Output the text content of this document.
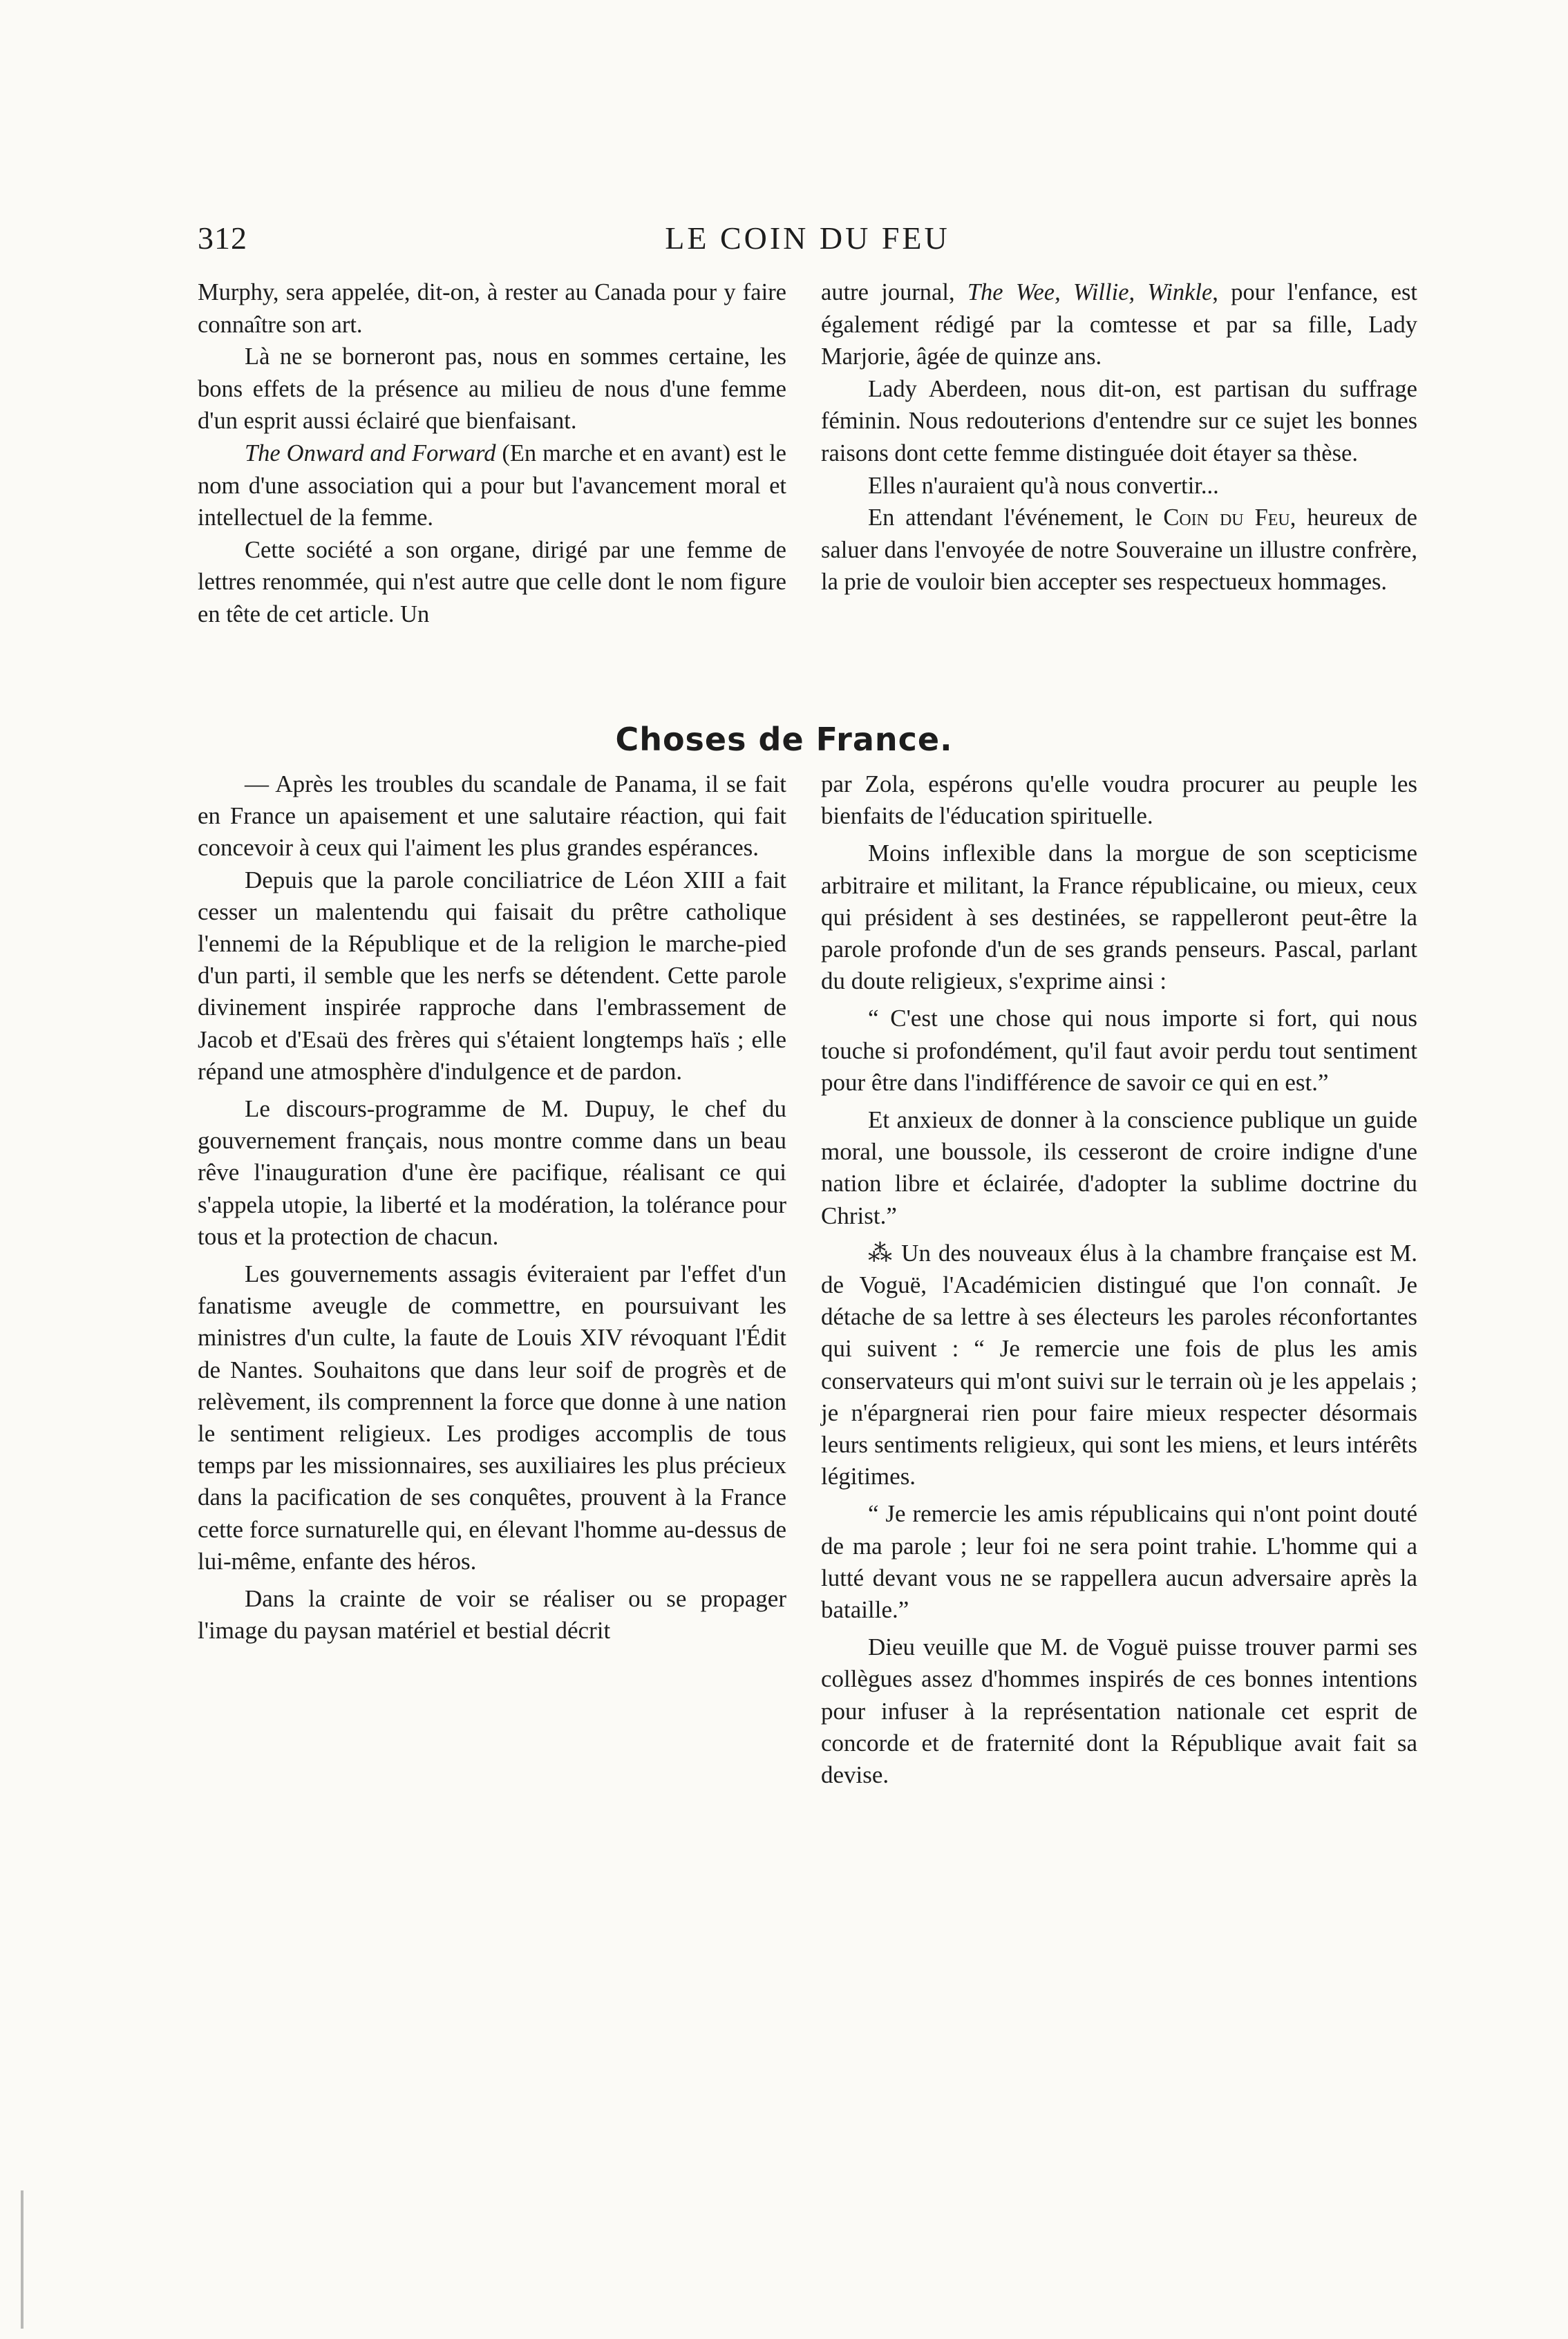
312	LE COIN DU FEU

Murphy, sera appelée, dit-on, à rester au Canada pour y faire connaître son art.

Là ne se borneront pas, nous en sommes certaine, les bons effets de la présence au milieu de nous d'une femme d'un esprit aussi éclairé que bienfaisant.

The Onward and Forward (En marche et en avant) est le nom d'une association qui a pour but l'avancement moral et intellectuel de la femme.

Cette société a son organe, dirigé par une femme de lettres renommée, qui n'est autre que celle dont le nom figure en tête de cet article. Un

autre journal, The Wee, Willie, Winkle, pour l'enfance, est également rédigé par la comtesse et par sa fille, Lady Marjorie, âgée de quinze ans.

Lady Aberdeen, nous dit-on, est partisan du suffrage féminin. Nous redouterions d'entendre sur ce sujet les bonnes raisons dont cette femme distinguée doit étayer sa thèse.

Elles n'auraient qu'à nous convertir...

En attendant l'événement, le Coin du Feu, heureux de saluer dans l'envoyée de notre Souveraine un illustre confrère, la prie de vouloir bien accepter ses respectueux hommages.

Choses de France.

— Après les troubles du scandale de Panama, il se fait en France un apaisement et une salutaire réaction, qui fait concevoir à ceux qui l'aiment les plus grandes espérances.

Depuis que la parole conciliatrice de Léon XIII a fait cesser un malentendu qui faisait du prêtre catholique l'ennemi de la République et de la religion le marche-pied d'un parti, il semble que les nerfs se détendent. Cette parole divinement inspirée rapproche dans l'embrassement de Jacob et d'Esaü des frères qui s'étaient longtemps haïs ; elle répand une atmosphère d'indulgence et de pardon.

Le discours-programme de M. Dupuy, le chef du gouvernement français, nous montre comme dans un beau rêve l'inauguration d'une ère pacifique, réalisant ce qui s'appela utopie, la liberté et la modération, la tolérance pour tous et la protection de chacun.

Les gouvernements assagis éviteraient par l'effet d'un fanatisme aveugle de commettre, en poursuivant les ministres d'un culte, la faute de Louis XIV révoquant l'Édit de Nantes. Souhaitons que dans leur soif de progrès et de relèvement, ils comprennent la force que donne à une nation le sentiment religieux. Les prodiges accomplis de tous temps par les missionnaires, ses auxiliaires les plus précieux dans la pacification de ses conquêtes, prouvent à la France cette force surnaturelle qui, en élevant l'homme au-dessus de lui-même, enfante des héros.

Dans la crainte de voir se réaliser ou se propager l'image du paysan matériel et bestial décrit

par Zola, espérons qu'elle voudra procurer au peuple les bienfaits de l'éducation spirituelle.

Moins inflexible dans la morgue de son scepticisme arbitraire et militant, la France républicaine, ou mieux, ceux qui président à ses destinées, se rappelleront peut-être la parole profonde d'un de ses grands penseurs. Pascal, parlant du doute religieux, s'exprime ainsi :

“ C'est une chose qui nous importe si fort, qui nous touche si profondément, qu'il faut avoir perdu tout sentiment pour être dans l'indifférence de savoir ce qui en est.”

Et anxieux de donner à la conscience publique un guide moral, une boussole, ils cesseront de croire indigne d'une nation libre et éclairée, d'adopter la sublime doctrine du Christ.”

⁂ Un des nouveaux élus à la chambre française est M. de Voguë, l'Académicien distingué que l'on connaît. Je détache de sa lettre à ses électeurs les paroles réconfortantes qui suivent : “ Je remercie une fois de plus les amis conservateurs qui m'ont suivi sur le terrain où je les appelais ; je n'épargnerai rien pour faire mieux respecter désormais leurs sentiments religieux, qui sont les miens, et leurs intérêts légitimes.

“ Je remercie les amis républicains qui n'ont point douté de ma parole ; leur foi ne sera point trahie. L'homme qui a lutté devant vous ne se rappellera aucun adversaire après la bataille.”

Dieu veuille que M. de Voguë puisse trouver parmi ses collègues assez d'hommes inspirés de ces bonnes intentions pour infuser à la représentation nationale cet esprit de concorde et de fraternité dont la République avait fait sa devise.
